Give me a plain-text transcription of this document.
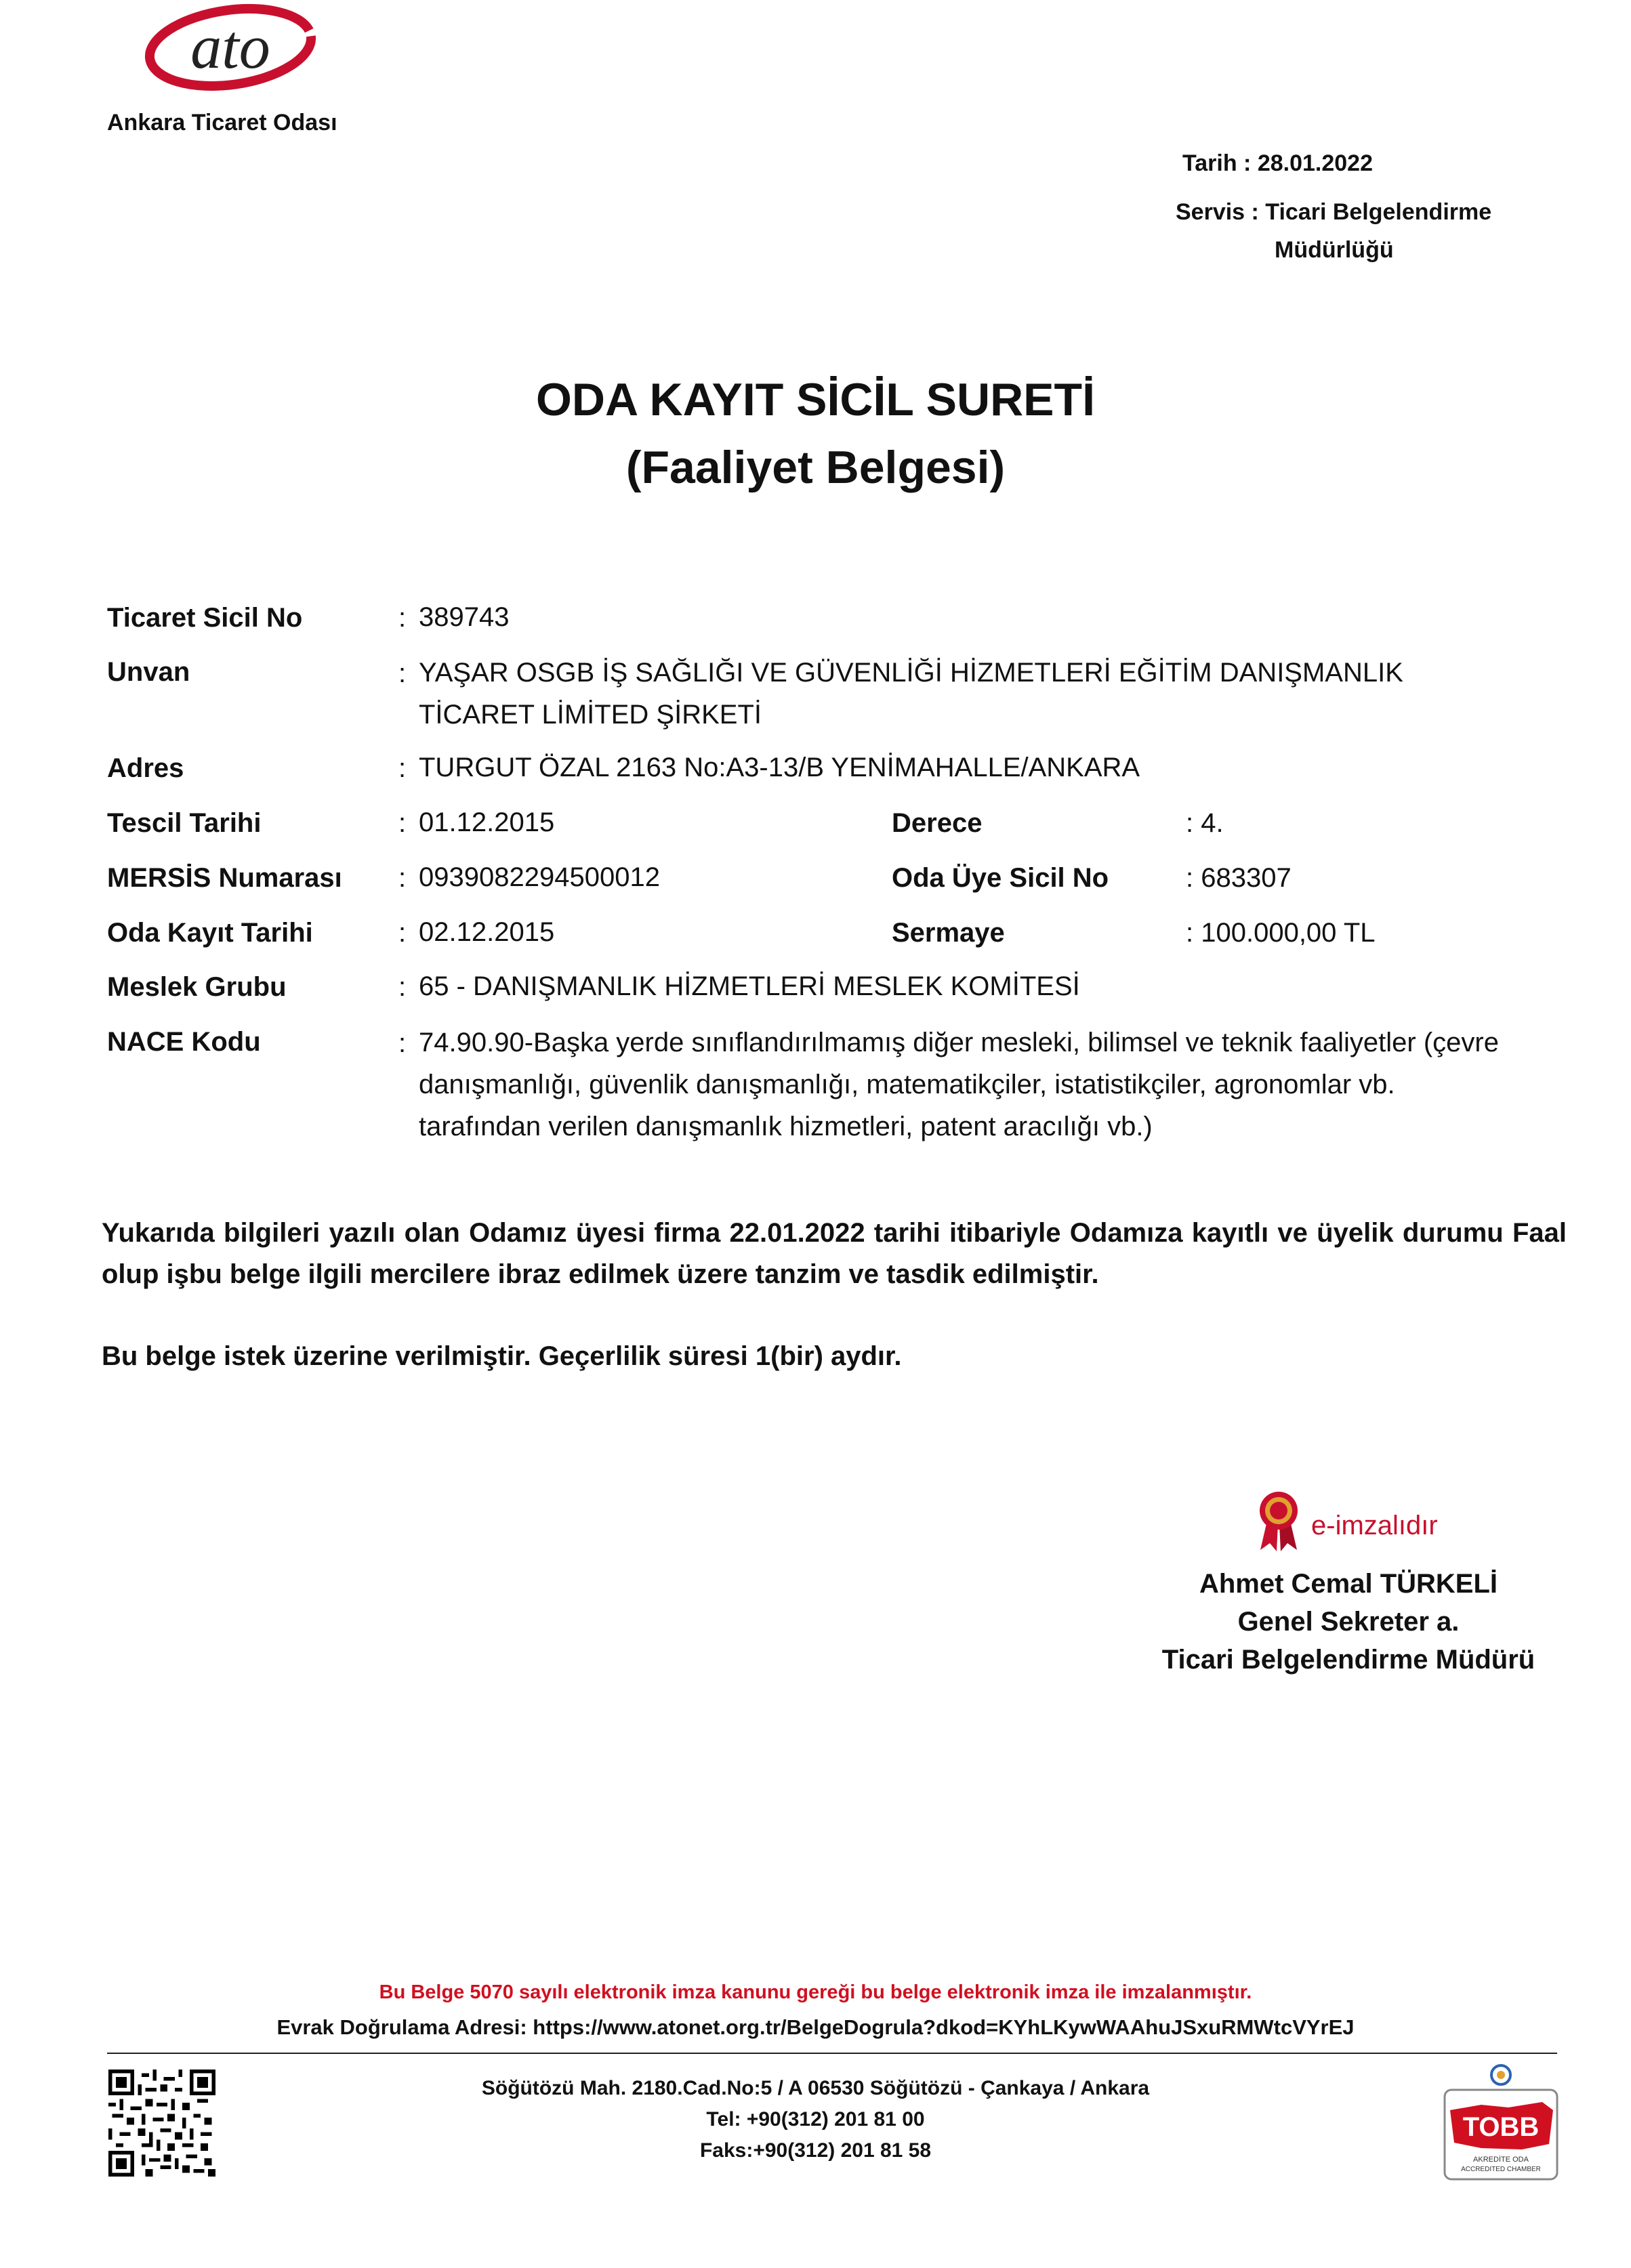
ato
Ankara Ticaret Odası
Tarih : 28.01.2022
Servis : Ticari Belgelendirme
Müdürlüğü
ODA KAYIT SİCİL SURETİ
(Faaliyet Belgesi)
Ticaret Sicil No	: 389743
Unvan	: YAŞAR OSGB İŞ SAĞLIĞI VE GÜVENLİĞİ HİZMETLERİ EĞİTİM DANIŞMANLIK
TİCARET LİMİTED ŞİRKETİ
Adres	: TURGUT ÖZAL 2163 No:A3-13/B YENİMAHALLE/ANKARA
Tescil Tarihi	: 01.12.2015	Derece	: 4.
MERSİS Numarası : 0939082294500012	Oda Üye Sicil No	: 683307
Oda Kayıt Tarihi	: 02.12.2015	Sermaye	: 100.000,00 TL
Meslek Grubu	: 65 - DANIŞMANLIK HİZMETLERİ MESLEK KOMİTESİ
NACE Kodu	: 74.90.90-Başka yerde sınıflandırılmamış diğer mesleki, bilimsel ve teknik faaliyetler (çevre
danışmanlığı, güvenlik danışmanlığı, matematikçiler, istatistikçiler, agronomlar vb.
tarafından verilen danışmanlık hizmetleri, patent aracılığı vb.)
Yukarıda bilgileri yazılı olan Odamız üyesi firma 22.01.2022 tarihi itibariyle Odamıza kayıtlı ve üyelik durumu Faal olup işbu belge ilgili mercilere ibraz edilmek üzere tanzim ve tasdik edilmiştir.
Bu belge istek üzerine verilmiştir. Geçerlilik süresi 1(bir) aydır.
e-imzalıdır
Ahmet Cemal TÜRKELİ
Genel Sekreter a.
Ticari Belgelendirme Müdürü
Bu Belge 5070 sayılı elektronik imza kanunu gereği bu belge elektronik imza ile imzalanmıştır.
Evrak Doğrulama Adresi: https://www.atonet.org.tr/BelgeDogrula?dkod=KYhLKywWAAhuJSxuRMWtcVYrEJ
Söğütözü Mah. 2180.Cad.No:5 / A 06530 Söğütözü - Çankaya / Ankara
Tel: +90(312) 201 81 00
Faks:+90(312) 201 81 58
TOBB
AKREDİTE ODA
ACCREDITED CHAMBER
